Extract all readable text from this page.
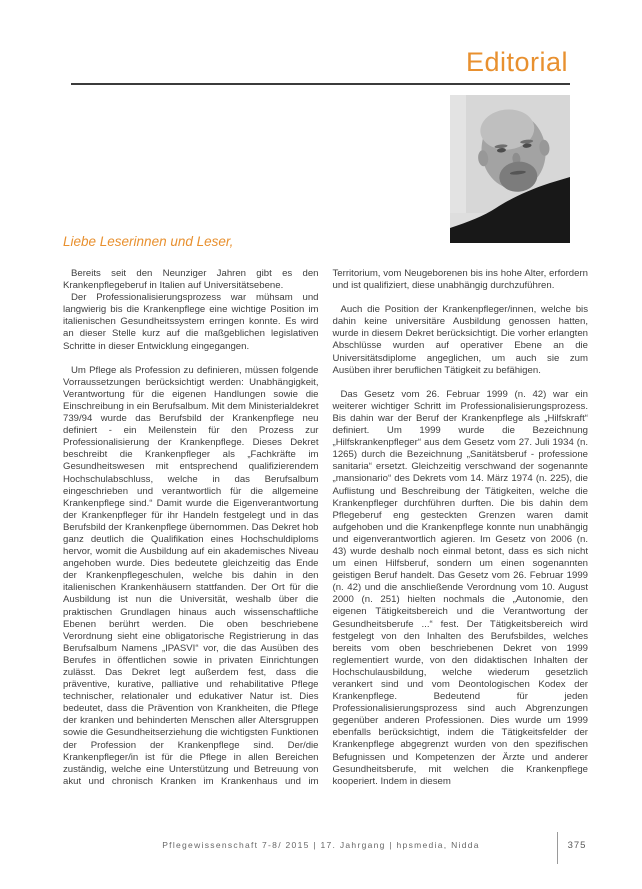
Editorial
Liebe Leserinnen und Leser,

Bereits seit den Neunziger Jahren gibt es den Krankenpflegeberuf in Italien auf Universitätsebene.

Der Professionalisierungsprozess war mühsam und langwierig bis die Krankenpflege eine wichtige Position im italienischen Gesundheitssystem erringen konnte. Es wird an dieser Stelle kurz auf die maßgeblichen legislativen Schritte in dieser Entwicklung eingegangen.

Um Pflege als Profession zu definieren, müssen folgende Vorraussetzungen berücksichtigt werden: Unabhängigkeit, Verantwortung für die eigenen Handlungen sowie die Einschreibung in ein Berufsalbum. Mit dem Ministerialdekret 739/94 wurde das Berufsbild der Krankenpflege neu definiert - ein Meilenstein für den Prozess zur Professionalisierung der Krankenpflege. Dieses Dekret beschreibt die Krankenpfleger als „Fachkräfte im Gesundheitswesen mit entsprechend qualifizierendem Hochschulabschluss, welche in das Berufsalbum eingeschrieben und verantwortlich für die allgemeine Krankenpflege sind.“ Damit wurde die Eigenverantwortung der Krankenpfleger für ihr Handeln festgelegt und in das Berufsbild der Krankenpflege übernommen. Das Dekret hob ganz deutlich die Qualifikation eines Hochschuldiploms hervor, womit die Ausbildung auf ein akademisches Niveau angehoben wurde. Dies bedeutete gleichzeitig das Ende der Krankenpflegeschulen, welche bis dahin in den italienischen Krankenhäusern stattfanden. Der Ort für die Ausbildung ist nun die Universität, weshalb über die praktischen Grundlagen hinaus auch wissenschaftliche Ebenen berührt werden. Die oben beschriebene Verordnung sieht eine obligatorische Registrierung in das Berufsalbum Namens „IPASVI“ vor, die das Ausüben des Berufes in öffentlichen sowie in privaten Einrichtungen zulässt. Das Dekret legt außerdem fest, dass die präventive, kurative, palliative und rehabilitative Pflege technischer, relationaler und edukativer Natur ist. Dies bedeutet, dass die Prävention von Krankheiten, die Pflege der kranken und behinderten Menschen aller Altersgruppen sowie die Gesundheitserziehung die wichtigsten Funktionen der Profession der Krankenpflege sind. Der/die Krankenpfleger/in ist für die Pflege in allen Bereichen zuständig, welche eine Unterstützung und Betreuung von akut und chronisch Kranken im Krankenhaus und im Territorium, vom Neugeborenen bis ins hohe Alter, erfordern und ist qualifiziert, diese unabhängig durchzuführen.

Auch die Position der Krankenpfleger/innen, welche bis dahin keine universitäre Ausbildung genossen hatten, wurde in diesem Dekret berücksichtigt. Die vorher erlangten Abschlüsse wurden auf operativer Ebene an die Universitätsdiplome angeglichen, um auch sie zum Ausüben ihrer beruflichen Tätigkeit zu befähigen.

Das Gesetz vom 26. Februar 1999 (n. 42) war ein weiterer wichtiger Schritt im Professionalisierungsprozess. Bis dahin war der Beruf der Krankenpflege als „Hilfskraft“ definiert. Um 1999 wurde die Bezeichnung „Hilfskrankenpfleger“ aus dem Gesetz vom 27. Juli 1934 (n. 1265) durch die Bezeichnung „Sanitätsberuf - professione sanitaria“ ersetzt. Gleichzeitig verschwand der sogenannte „mansionario“ des Dekrets vom 14. März 1974 (n. 225), die Auflistung und Beschreibung der Tätigkeiten, welche die Krankenpfleger durchführen durften. Die bis dahin dem Pflegeberuf eng gesteckten Grenzen waren damit aufgehoben und die Krankenpflege konnte nun unabhängig und eigenverantwortlich agieren. Im Gesetz von 2006 (n. 43) wurde deshalb noch einmal betont, dass es sich nicht um einen Hilfsberuf, sondern um einen sogenannten geistigen Beruf handelt. Das Gesetz vom 26. Februar 1999 (n. 42) und die anschließende Verordnung vom 10. August 2000 (n. 251) hielten nochmals die „Autonomie, den eigenen Tätigkeitsbereich und die Verantwortung der Gesundheitsberufe ...“ fest. Der Tätigkeitsbereich wird festgelegt von den Inhalten des Berufsbildes, welches bereits vom oben beschriebenen Dekret von 1999 reglementiert wurde, von den didaktischen Inhalten der Hochschulausbildung, welche wiederum gesetzlich verankert sind und vom Deontologischen Kodex der Krankenpflege. Bedeutend für jeden Professionalisierungsprozess sind auch Abgrenzungen gegenüber anderen Professionen. Dies wurde um 1999 ebenfalls berücksichtigt, indem die Tätigkeitsfelder der Krankenpflege abgegrenzt wurden von den spezifischen Befugnissen und Kompetenzen der Ärzte und anderer Gesundheitsberufe, mit welchen die Krankenpflege kooperiert. Indem in diesem

Pflegewissenschaft 7-8/ 2015 | 17. Jahrgang | hpsmedia, Nidda	375
